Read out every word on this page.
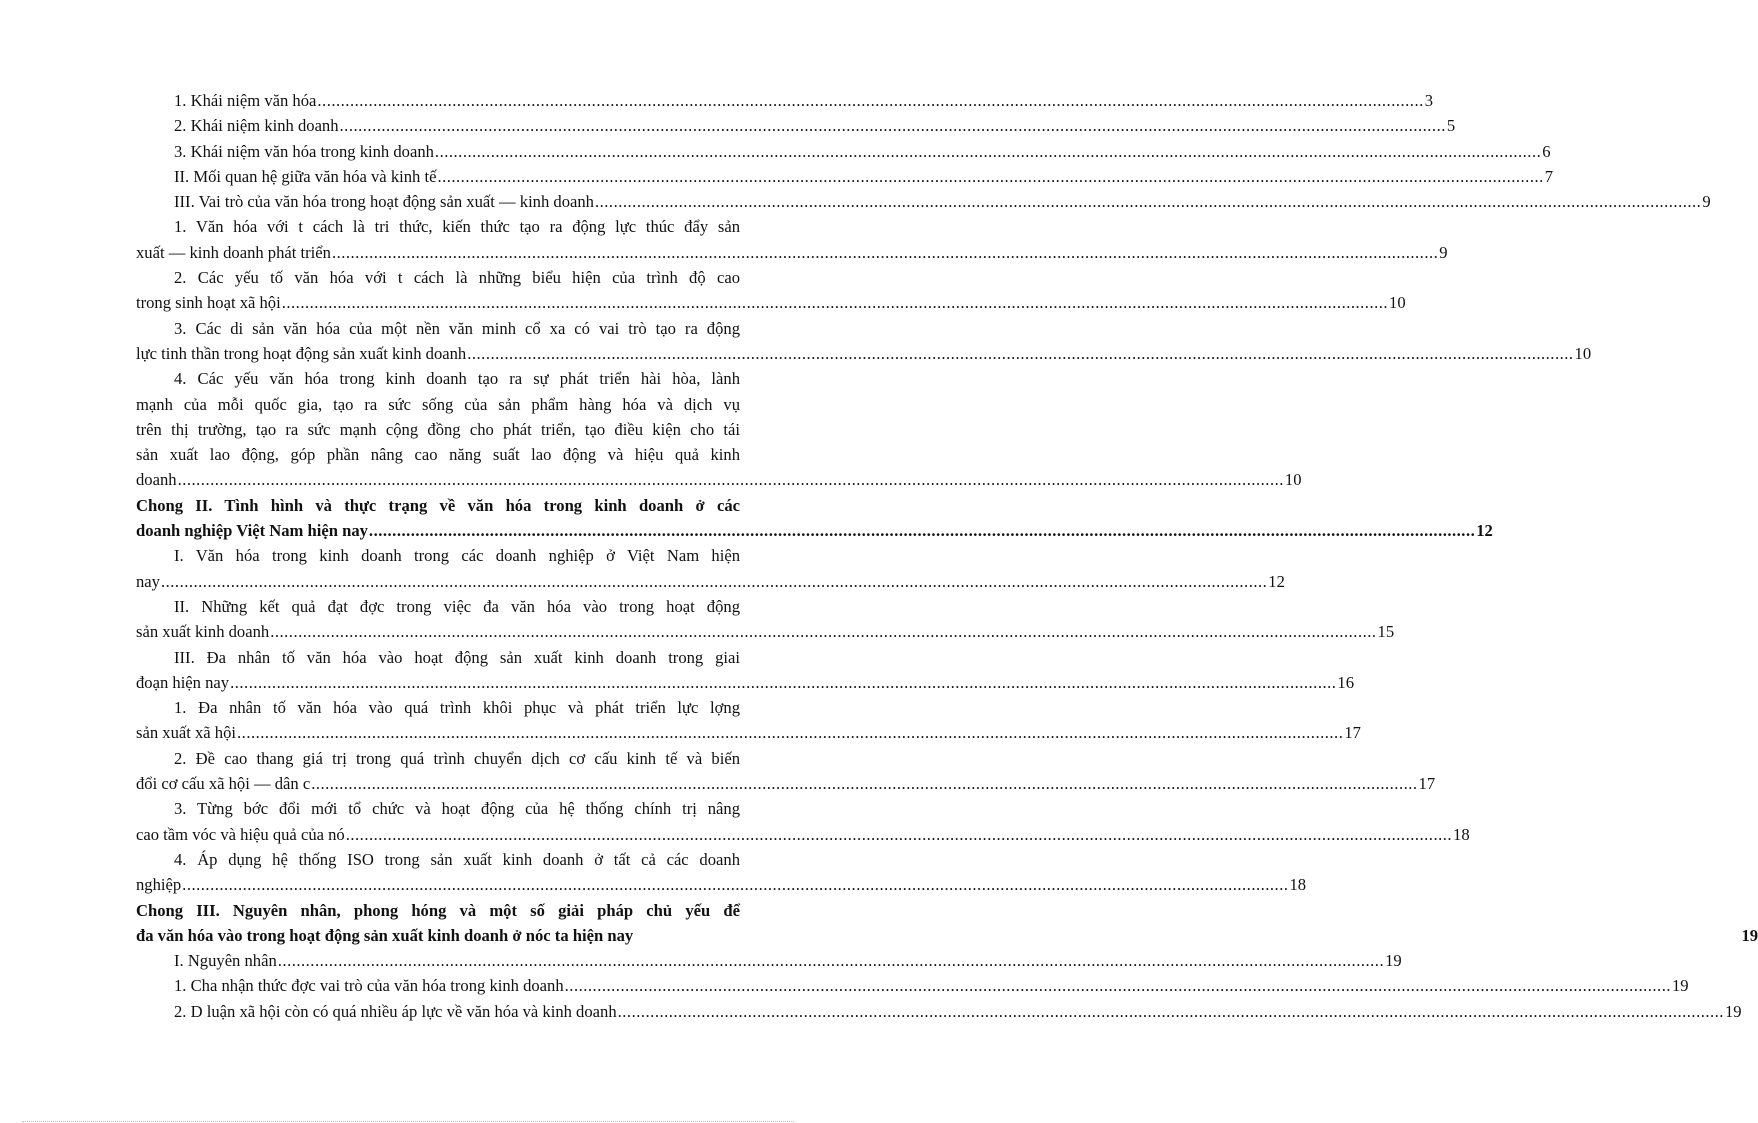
1. Khái niệm văn hóa .....	3
2. Khái niệm kinh doanh .....	5
3. Khái niệm văn hóa trong kinh doanh .....	6
II. Mối quan hệ giữa văn hóa và kinh tế .....	7
III. Vai trò của văn hóa trong hoạt động sản xuất — kinh doanh .....	9
1. Văn hóa với t cách là tri thức, kiến thức tạo ra động lực thúc đẩy sản
xuất — kinh doanh phát triển .....	9
2. Các yếu tố văn hóa với t cách là những biểu hiện của trình độ cao
trong sinh hoạt xã hội .....	10
3. Các di sản văn hóa của một nền văn minh cổ xa có vai trò tạo ra động
lực tinh thần trong hoạt động sản xuất kinh doanh .....	10
4. Các yếu văn hóa trong kinh doanh tạo ra sự phát triển hài hòa, lành
mạnh của mỗi quốc gia, tạo ra sức sống của sản phẩm hàng hóa và dịch vụ
trên thị trường, tạo ra sức mạnh cộng đồng cho phát triển, tạo điều kiện cho tái
sản xuất lao động, góp phần nâng cao năng suất lao động và hiệu quả kinh
doanh .....	10
Chong II. Tình hình và thực trạng về văn hóa trong kinh doanh ở các
doanh nghiệp Việt Nam hiện nay .....	12
I. Văn hóa trong kinh doanh trong các doanh nghiệp ở Việt Nam hiện
nay .....	12
II. Những kết quả đạt đợc trong việc đa văn hóa vào trong hoạt động
sản xuất kinh doanh .....	15
III. Đa nhân tố văn hóa vào hoạt động sản xuất kinh doanh trong giai
đoạn hiện nay .....	16
1. Đa nhân tố văn hóa vào quá trình khôi phục và phát triển lực lợng
sản xuất xã hội .....	17
2. Đề cao thang giá trị trong quá trình chuyển dịch cơ cấu kinh tế và biến
đổi cơ cấu xã hội — dân c .....	17
3. Từng bớc đổi mới tổ chức và hoạt động của hệ thống chính trị nâng
cao tầm vóc và hiệu quả của nó .....	18
4. Áp dụng hệ thống ISO trong sản xuất kinh doanh ở tất cả các doanh
nghiệp .....	18
Chong III. Nguyên nhân, phong hóng và một số giải pháp chủ yếu để
đa văn hóa vào trong hoạt động sản xuất kinh doanh ở nóc ta hiện nay	19
I. Nguyên nhân .....	19
1. Cha nhận thức đợc vai trò của văn hóa trong kinh doanh .....	19
2. D luận xã hội còn có quá nhiều áp lực về văn hóa và kinh doanh .....	19
